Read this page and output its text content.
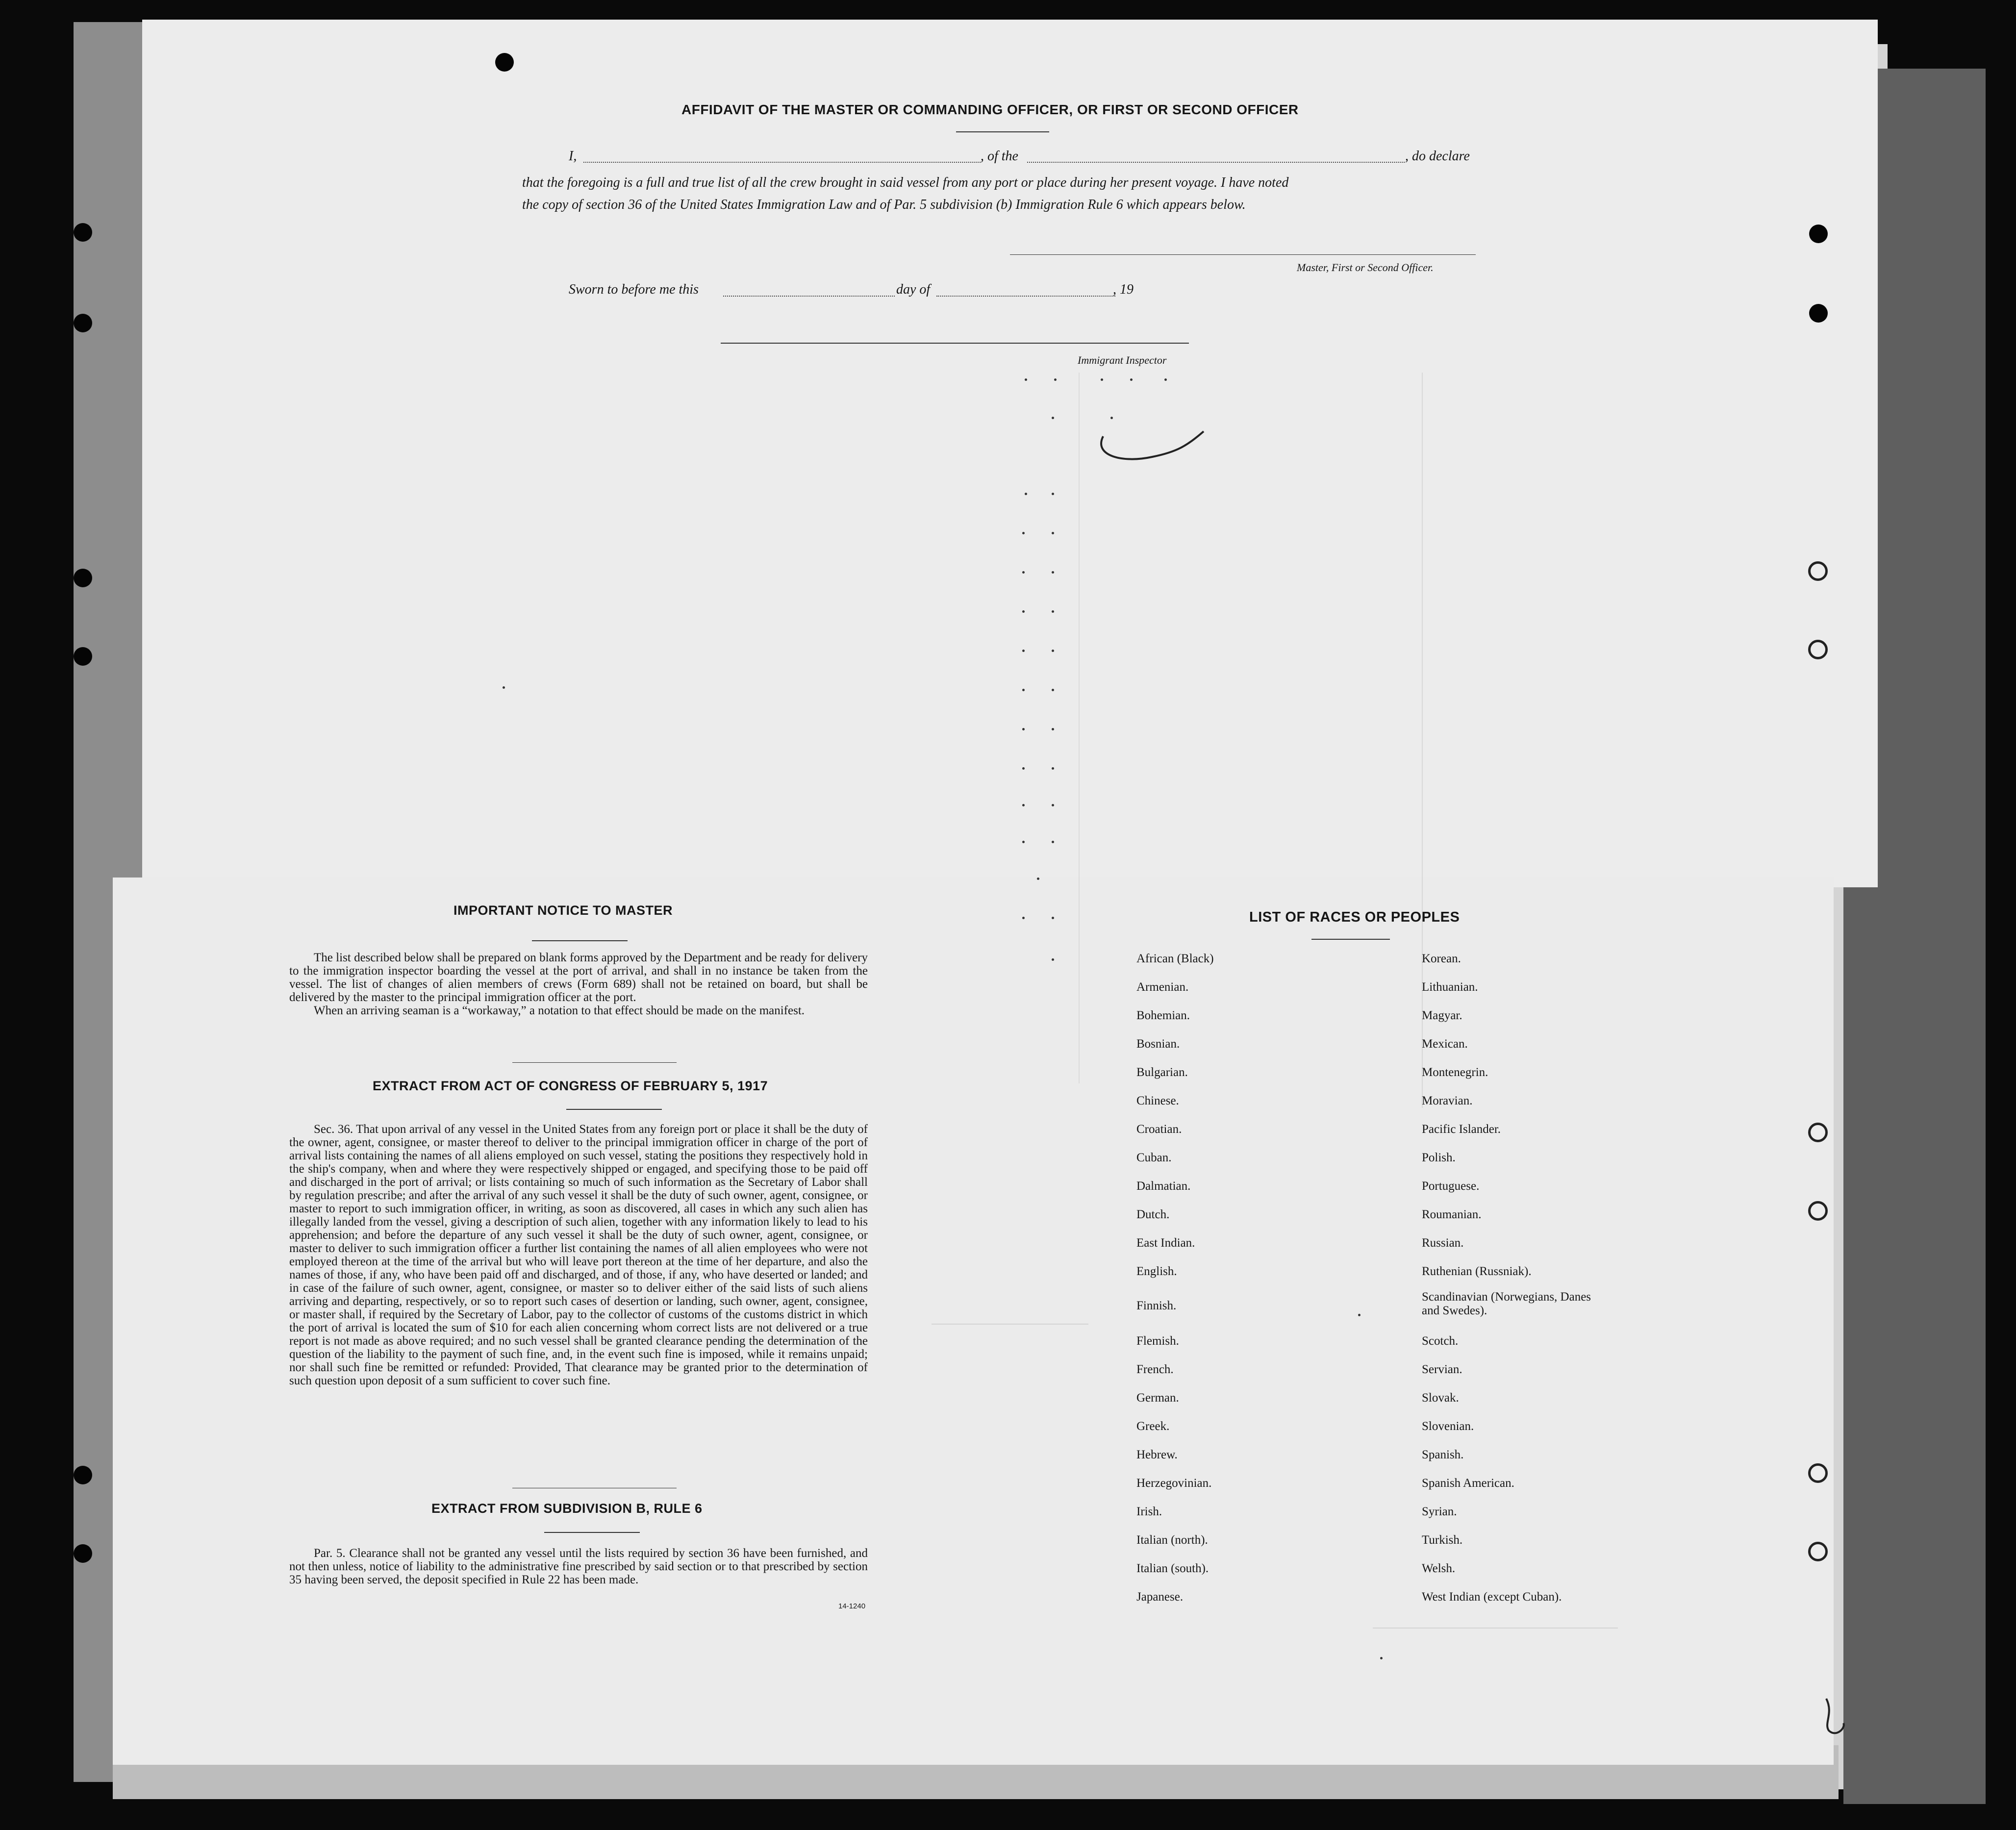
AFFIDAVIT OF THE MASTER OR COMMANDING OFFICER, OR FIRST OR SECOND OFFICER
I,	, of the	, do declare
that the foregoing is a full and true list of all the crew brought in said vessel from any port or place during her present voyage. I have noted
the copy of section 36 of the United States Immigration Law and of Par. 5 subdivision (b) Immigration Rule 6 which appears below.
Master, First or Second Officer.
Sworn to before me this	day of	, 19
Immigrant Inspector
IMPORTANT NOTICE TO MASTER

The list described below shall be prepared on blank forms approved by the Department and be ready for delivery to the immigration inspector boarding the vessel at the port of arrival, and shall in no instance be taken from the vessel. The list of changes of alien members of crews (Form 689) shall not be retained on board, but shall be delivered by the master to the principal immigration officer at the port.

When an arriving seaman is a “workaway,” a notation to that effect should be made on the manifest.

EXTRACT FROM ACT OF CONGRESS OF FEBRUARY 5, 1917

Sec. 36. That upon arrival of any vessel in the United States from any foreign port or place it shall be the duty of the owner, agent, consignee, or master thereof to deliver to the principal immigration officer in charge of the port of arrival lists containing the names of all aliens employed on such vessel, stating the positions they respectively hold in the ship's company, when and where they were respectively shipped or engaged, and specifying those to be paid off and discharged in the port of arrival; or lists containing so much of such information as the Secretary of Labor shall by regulation prescribe; and after the arrival of any such vessel it shall be the duty of such owner, agent, consignee, or master to report to such immigration officer, in writing, as soon as discovered, all cases in which any such alien has illegally landed from the vessel, giving a description of such alien, together with any information likely to lead to his apprehension; and before the departure of any such vessel it shall be the duty of such owner, agent, consignee, or master to deliver to such immigration officer a further list containing the names of all alien employees who were not employed thereon at the time of the arrival but who will leave port thereon at the time of her departure, and also the names of those, if any, who have been paid off and discharged, and of those, if any, who have deserted or landed; and in case of the failure of such owner, agent, consignee, or master so to deliver either of the said lists of such aliens arriving and departing, respectively, or so to report such cases of desertion or landing, such owner, agent, consignee, or master shall, if required by the Secretary of Labor, pay to the collector of customs of the customs district in which the port of arrival is located the sum of $10 for each alien concerning whom correct lists are not delivered or a true report is not made as above required; and no such vessel shall be granted clearance pending the determination of the question of the liability to the payment of such fine, and, in the event such fine is imposed, while it remains unpaid; nor shall such fine be remitted or refunded: Provided, That clearance may be granted prior to the determination of such question upon deposit of a sum sufficient to cover such fine.

EXTRACT FROM SUBDIVISION B, RULE 6

Par. 5. Clearance shall not be granted any vessel until the lists required by section 36 have been furnished, and not then unless, notice of liability to the administrative fine prescribed by said section or to that prescribed by section 35 having been served, the deposit specified in Rule 22 has been made.

14-1240
LIST OF RACES OR PEOPLES
African (Black)
Armenian.
Bohemian.
Bosnian.
Bulgarian.
Chinese.
Croatian.
Cuban.
Dalmatian.
Dutch.
East Indian.
English.
Finnish.
Flemish.
French.
German.
Greek.
Hebrew.
Herzegovinian.
Irish.
Italian (north).
Italian (south).
Japanese.
Korean.
Lithuanian.
Magyar.
Mexican.
Montenegrin.
Moravian.
Pacific Islander.
Polish.
Portuguese.
Roumanian.
Russian.
Ruthenian (Russniak).
Scandinavian (Norwegians, Danes and Swedes).
Scotch.
Servian.
Slovak.
Slovenian.
Spanish.
Spanish American.
Syrian.
Turkish.
Welsh.
West Indian (except Cuban).
